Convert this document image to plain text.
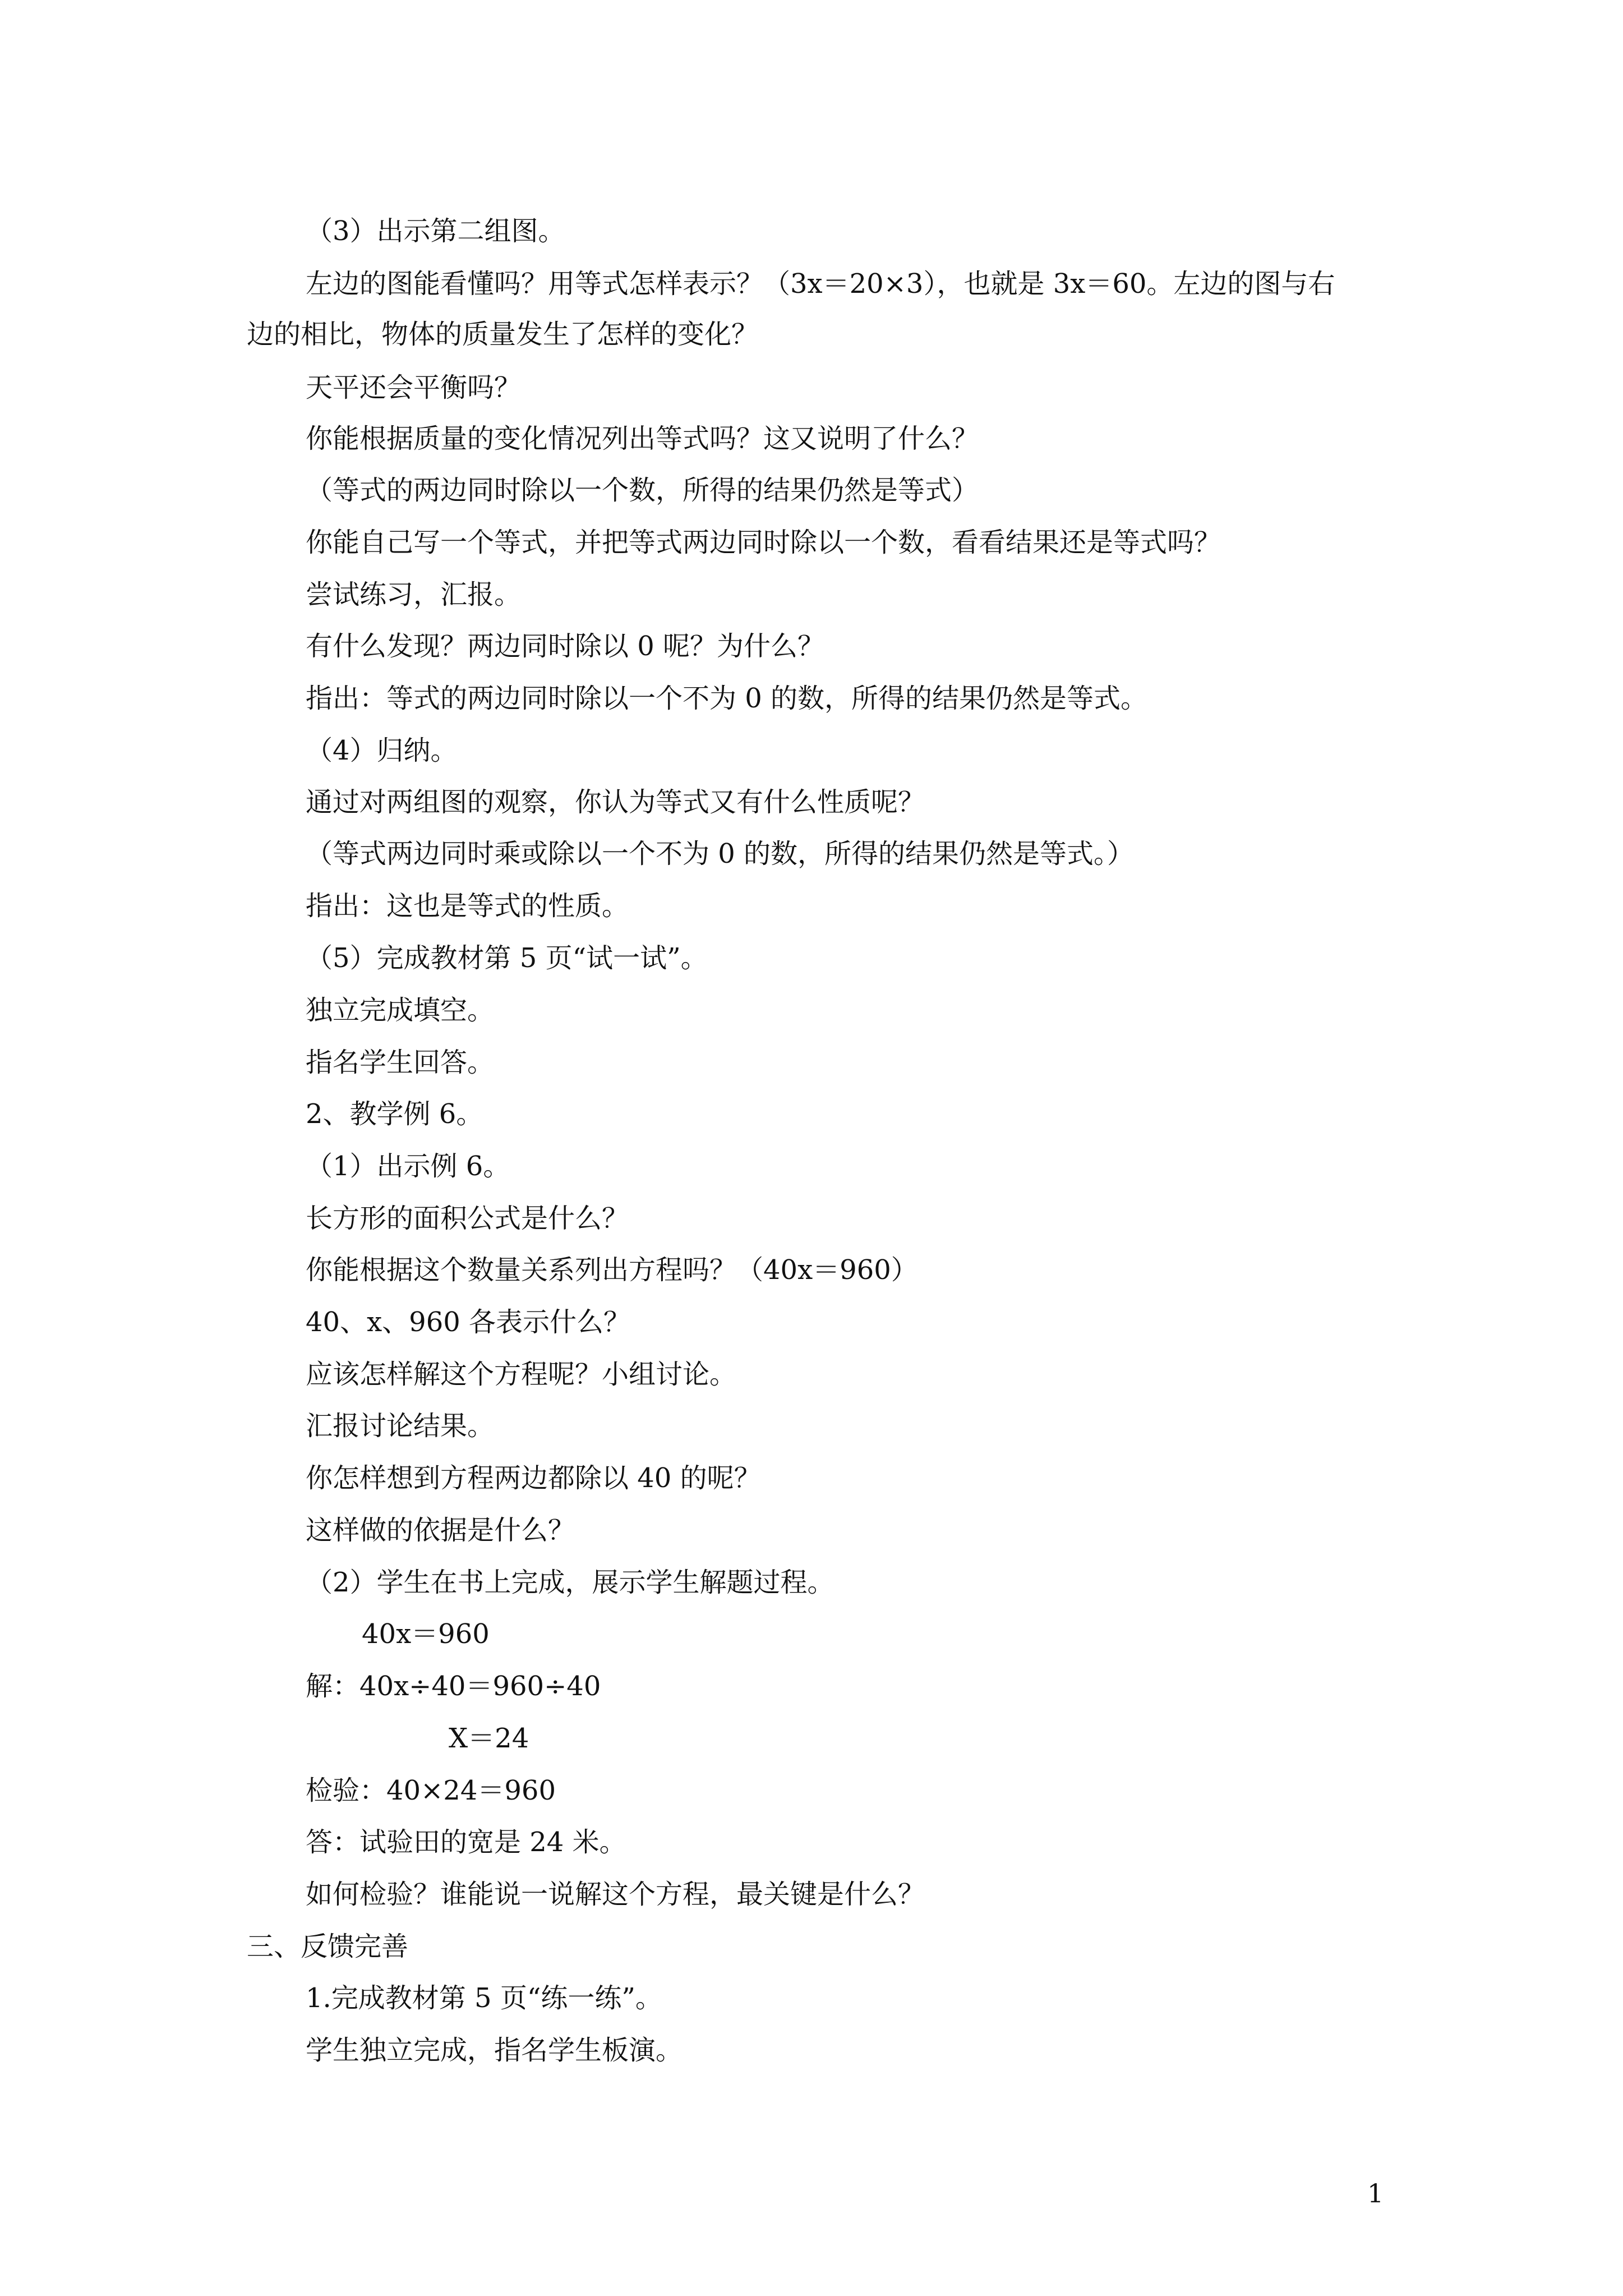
（3）出示第二组图。
左边的图能看懂吗？用等式怎样表示？（3x＝20×3），也就是 3x＝60。左边的图与右
边的相比，物体的质量发生了怎样的变化？
天平还会平衡吗？
你能根据质量的变化情况列出等式吗？这又说明了什么？
（等式的两边同时除以一个数，所得的结果仍然是等式）
你能自己写一个等式，并把等式两边同时除以一个数，看看结果还是等式吗？
尝试练习，汇报。
有什么发现？两边同时除以 0 呢？为什么？
指出：等式的两边同时除以一个不为 0 的数，所得的结果仍然是等式。
（4）归纳。
通过对两组图的观察，你认为等式又有什么性质呢？
（等式两边同时乘或除以一个不为 0 的数，所得的结果仍然是等式。）
指出：这也是等式的性质。
（5）完成教材第 5 页“试一试”。
独立完成填空。
指名学生回答。
2、教学例 6。
（1）出示例 6。
长方形的面积公式是什么？
你能根据这个数量关系列出方程吗？（40x＝960）
40、x、960 各表示什么？
应该怎样解这个方程呢？小组讨论。
汇报讨论结果。
你怎样想到方程两边都除以 40 的呢？
这样做的依据是什么？
（2）学生在书上完成，展示学生解题过程。
40x＝960
解：40x÷40＝960÷40
X＝24
检验：40×24＝960
答：试验田的宽是 24 米。
如何检验？谁能说一说解这个方程，最关键是什么？
三、反馈完善
1.完成教材第 5 页“练一练”。
学生独立完成，指名学生板演。
1
